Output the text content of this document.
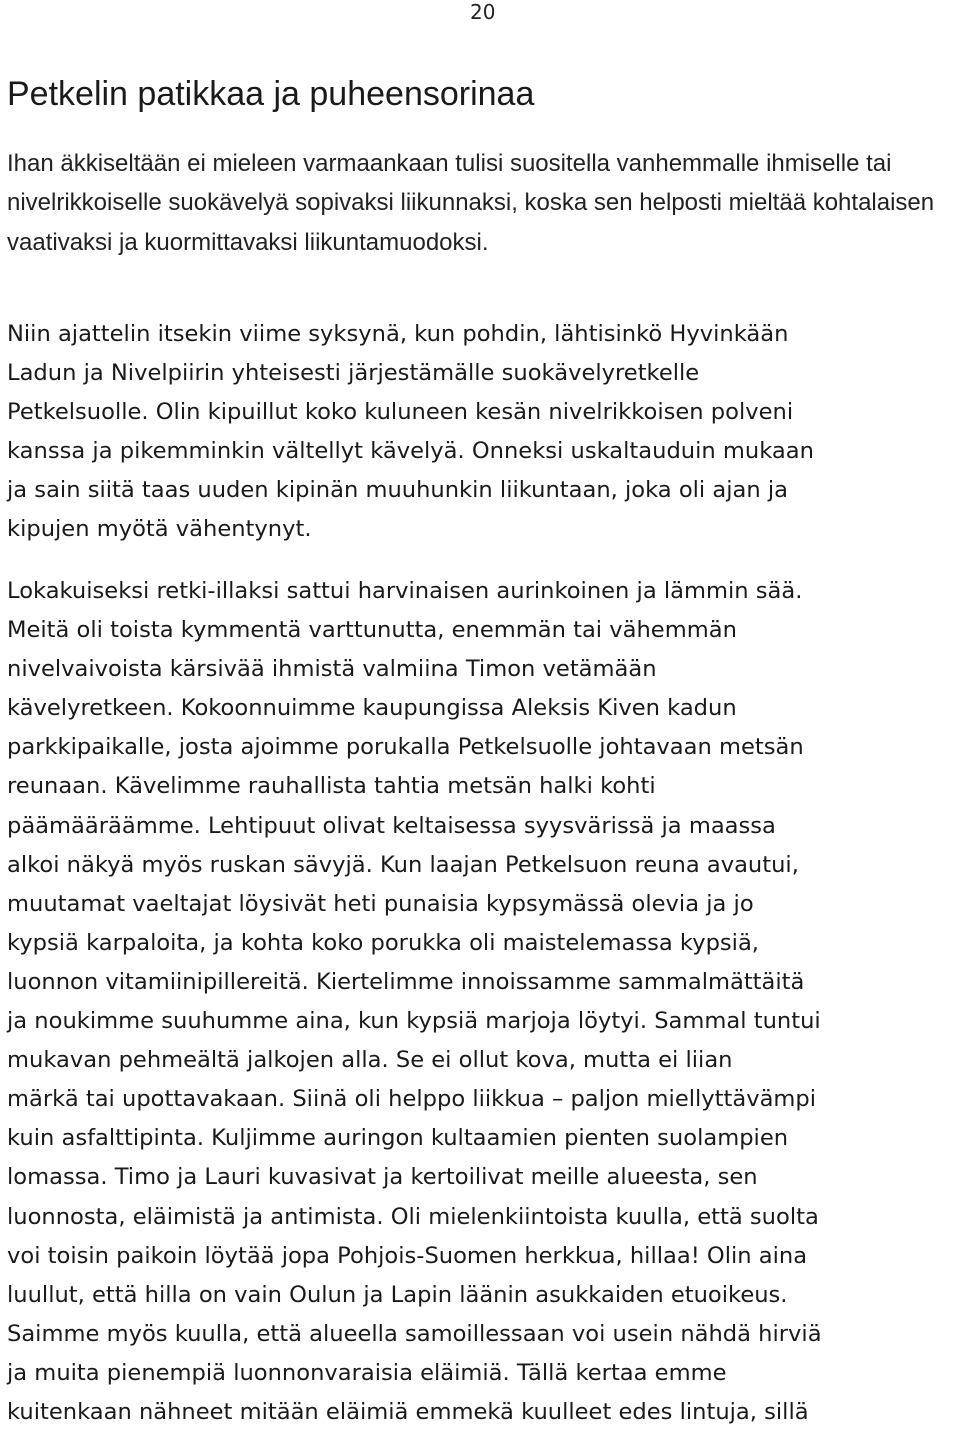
20
Petkelin patikkaa ja puheensorinaa

Ihan äkkiseltään ei mieleen varmaankaan tulisi suositella vanhemmalle ihmiselle tai nivelrikkoiselle suokävelyä sopivaksi liikunnaksi, koska sen helposti mieltää kohtalaisen vaativaksi ja kuormittavaksi liikuntamuodoksi.

Niin ajattelin itsekin viime syksynä, kun pohdin, lähtisinkö Hyvinkään
Ladun ja Nivelpiirin yhteisesti järjestämälle suokävelyretkelle
Petkelsuolle. Olin kipuillut koko kuluneen kesän nivelrikkoisen polveni
kanssa ja pikemminkin vältellyt kävelyä. Onneksi uskaltauduin mukaan
ja sain siitä taas uuden kipinän muuhunkin liikuntaan, joka oli ajan ja
kipujen myötä vähentynyt.
Lokakuiseksi retki-illaksi sattui harvinaisen aurinkoinen ja lämmin sää.
Meitä oli toista kymmentä varttunutta, enemmän tai vähemmän
nivelvaivoista kärsivää ihmistä valmiina Timon vetämään
kävelyretkeen. Kokoonnuimme kaupungissa Aleksis Kiven kadun
parkkipaikalle, josta ajoimme porukalla Petkelsuolle johtavaan metsän
reunaan. Kävelimme rauhallista tahtia metsän halki kohti
päämääräämme. Lehtipuut olivat keltaisessa syysvärissä ja maassa
alkoi näkyä myös ruskan sävyjä. Kun laajan Petkelsuon reuna avautui,
muutamat vaeltajat löysivät heti punaisia kypsymässä olevia ja jo
kypsiä karpaloita, ja kohta koko porukka oli maistelemassa kypsiä,
luonnon vitamiinipillereitä. Kiertelimme innoissamme sammalmättäitä
ja noukimme suuhumme aina, kun kypsiä marjoja löytyi. Sammal tuntui
mukavan pehmeältä jalkojen alla. Se ei ollut kova, mutta ei liian
märkä tai upottavakaan. Siinä oli helppo liikkua – paljon miellyttävämpi
kuin asfalttipinta. Kuljimme auringon kultaamien pienten suolampien
lomassa. Timo ja Lauri kuvasivat ja kertoilivat meille alueesta, sen
luonnosta, eläimistä ja antimista. Oli mielenkiintoista kuulla, että suolta
voi toisin paikoin löytää jopa Pohjois-Suomen herkkua, hillaa! Olin aina
luullut, että hilla on vain Oulun ja Lapin läänin asukkaiden etuoikeus.
Saimme myös kuulla, että alueella samoillessaan voi usein nähdä hirviä
ja muita pienempiä luonnonvaraisia eläimiä. Tällä kertaa emme
kuitenkaan nähneet mitään eläimiä emmekä kuulleet edes lintuja, sillä
